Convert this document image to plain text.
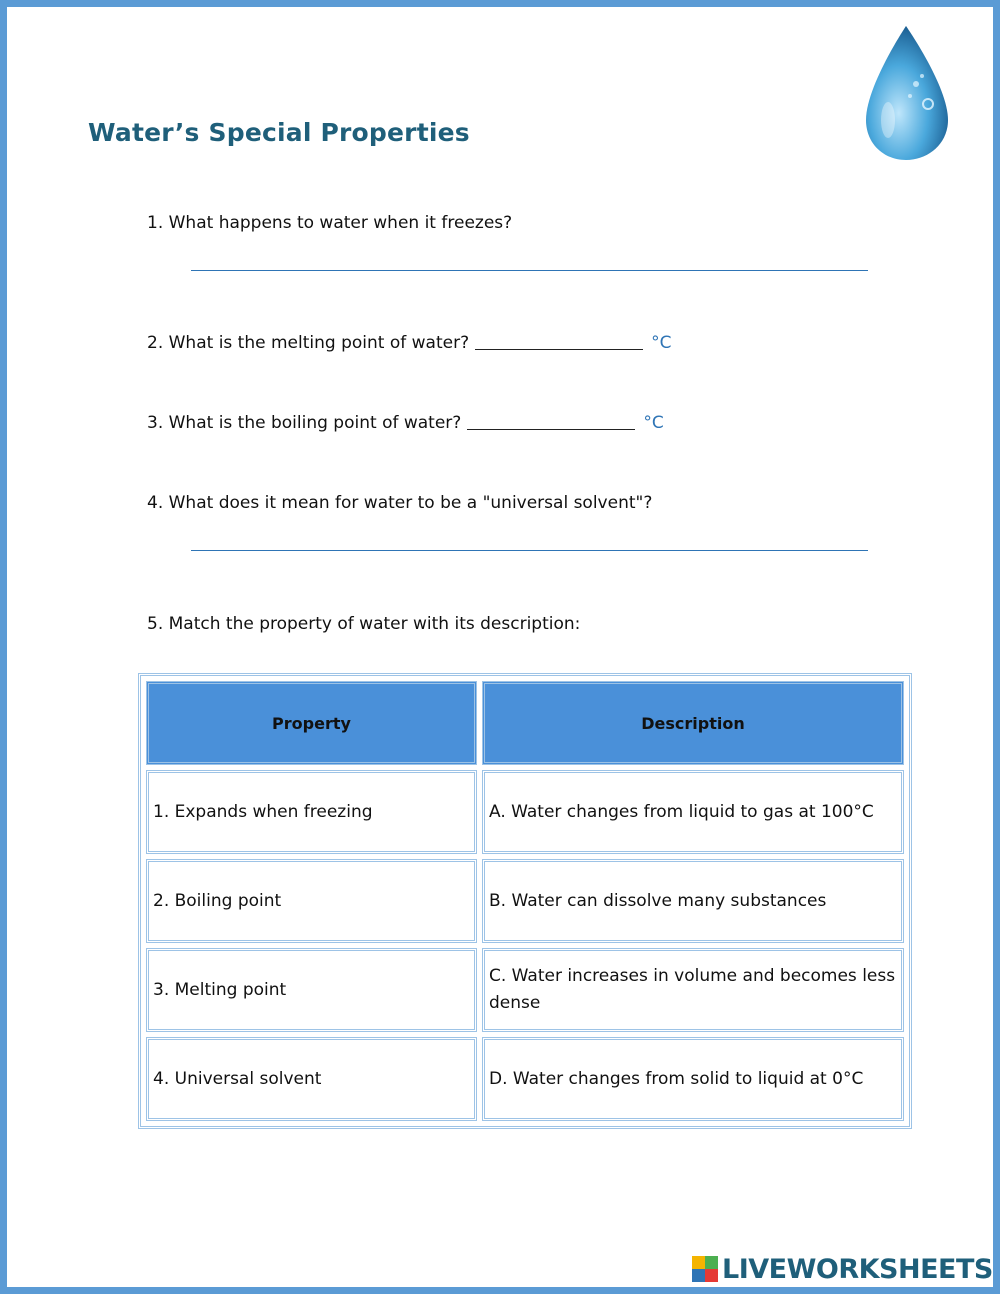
Water’s Special Properties
1. What happens to water when it freezes?
2. What is the melting point of water?	°C
3. What is the boiling point of water?	°C
4. What does it mean for water to be a "universal solvent"?
5. Match the property of water with its description:
Property	Description
1. Expands when freezing	A. Water changes from liquid to gas at 100°C
2. Boiling point	B. Water can dissolve many substances
3. Melting point	C. Water increases in volume and becomes less dense
4. Universal solvent	D. Water changes from solid to liquid at 0°C
LIVEWORKSHEETS
